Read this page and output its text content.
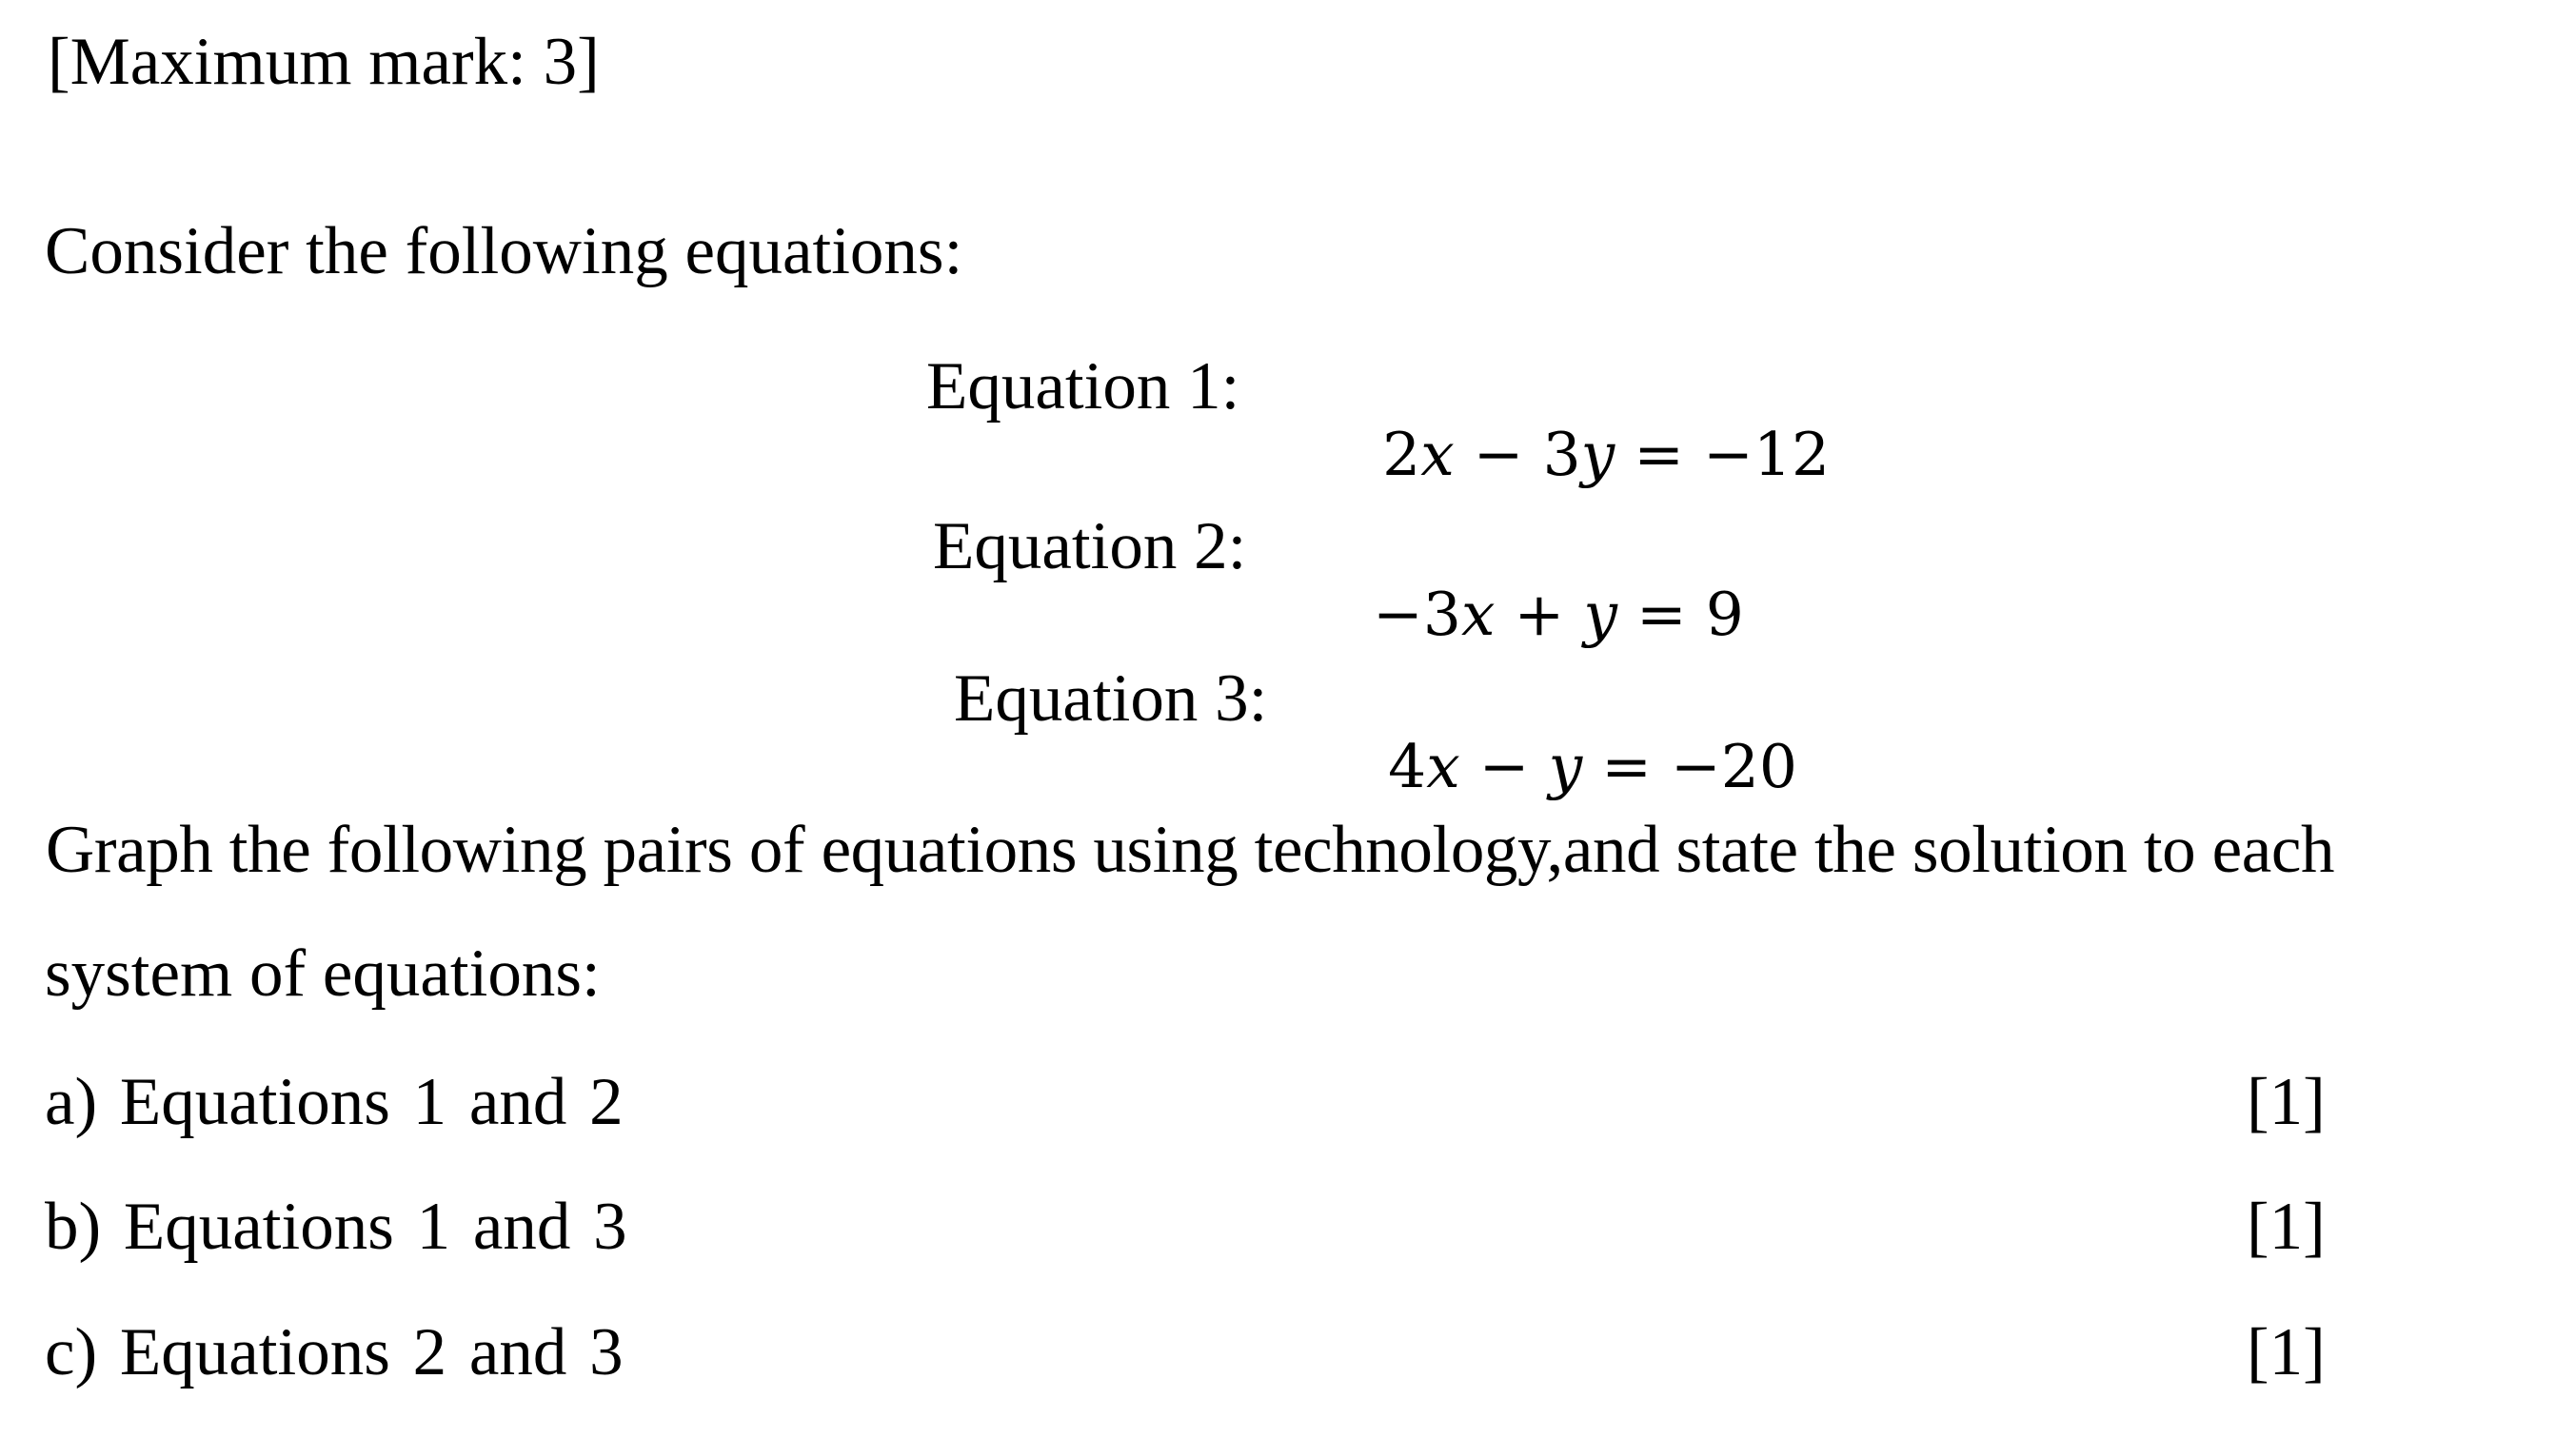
[Maximum mark: 3]
Consider the following equations:
Equation 1:

2x − 3y = −12

Equation 2:

−3x + y = 9

Equation 3:

4x − y = −20

Graph the following pairs of equations using technology,and state the solution to each
system of equations:
a) Equations 1 and 2	[1]
b) Equations 1 and 3	[1]
c) Equations 2 and 3	[1]
